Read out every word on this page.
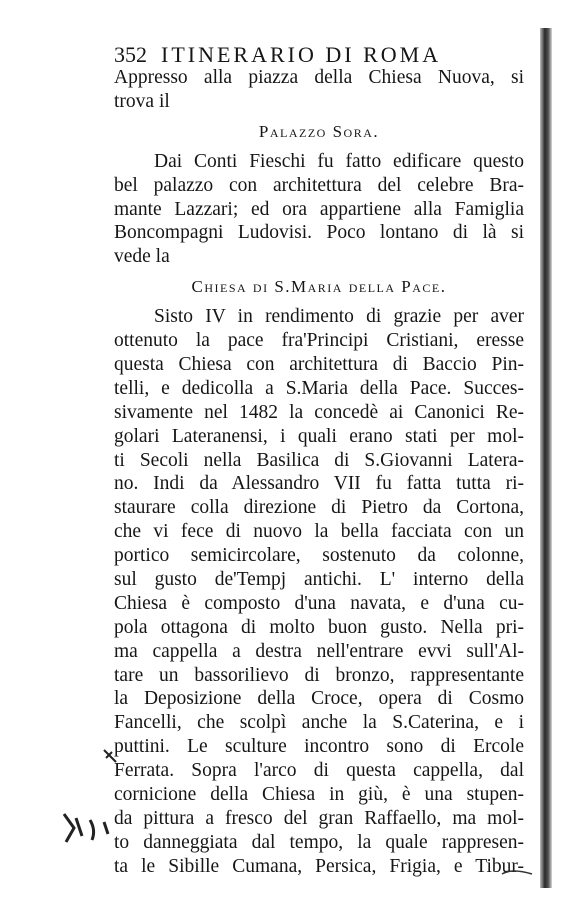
352 ITINERARIO DI ROMA
Appresso alla piazza della Chiesa Nuova, si
trova il
Palazzo Sora.
Dai Conti Fieschi fu fatto edificare questo
bel palazzo con architettura del celebre Bra-
mante Lazzari; ed ora appartiene alla Famiglia
Boncompagni Ludovisi. Poco lontano di là si
vede la
Chiesa di S.Maria della Pace.
Sisto IV in rendimento di grazie per aver
ottenuto la pace fra'Principi Cristiani, eresse
questa Chiesa con architettura di Baccio Pin-
telli, e dedicolla a S.Maria della Pace. Succes-
sivamente nel 1482 la concedè ai Canonici Re-
golari Lateranensi, i quali erano stati per mol-
ti Secoli nella Basilica di S.Giovanni Latera-
no. Indi da Alessandro VII fu fatta tutta ri-
staurare colla direzione di Pietro da Cortona,
che vi fece di nuovo la bella facciata con un
portico semicircolare, sostenuto da colonne,
sul gusto de'Tempj antichi. L' interno della
Chiesa è composto d'una navata, e d'una cu-
pola ottagona di molto buon gusto. Nella pri-
ma cappella a destra nell'entrare evvi sull'Al-
tare un bassorilievo di bronzo, rappresentante
la Deposizione della Croce, opera di Cosmo
Fancelli, che scolpì anche la S.Caterina, e i
puttini. Le sculture incontro sono di Ercole
Ferrata. Sopra l'arco di questa cappella, dal
cornicione della Chiesa in giù, è una stupen-
da pittura a fresco del gran Raffaello, ma mol-
to danneggiata dal tempo, la quale rappresen-
ta le Sibille Cumana, Persica, Frigia, e Tibur-
